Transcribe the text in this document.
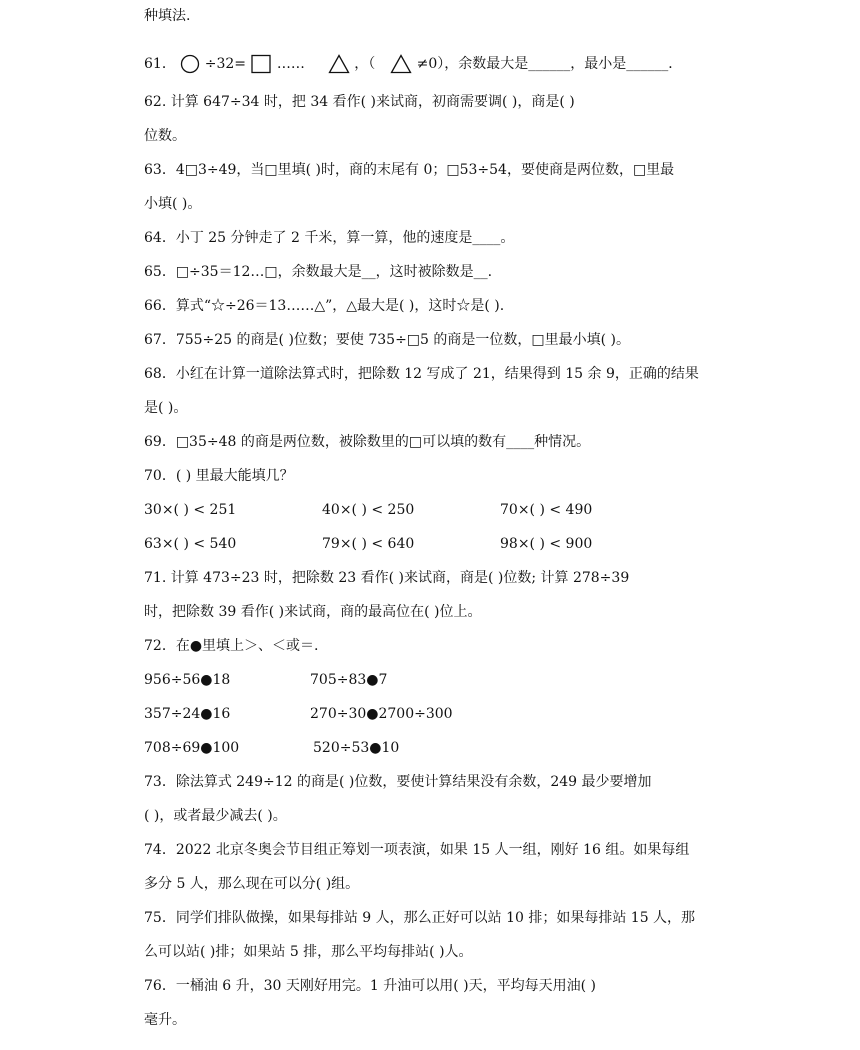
种填法.
61． ÷32= ……	，（	≠0），余数最大是______，最小是______．
62. 计算 647÷34 时，把 34 看作( )来试商，初商需要调( )，商是( )
位数。
63．4□3÷49，当□里填( )时，商的末尾有 0；□53÷54，要使商是两位数，□里最
小填( )。
64．小丁 25 分钟走了 2 千米，算一算，他的速度是____。
65．□÷35＝12…□，余数最大是__，这时被除数是__.
66．算式“☆÷26＝13……△”，△最大是( )，这时☆是( ).
67．755÷25 的商是( )位数；要使 735÷□5 的商是一位数，□里最小填( )。
68．小红在计算一道除法算式时，把除数 12 写成了 21，结果得到 15 余 9，正确的结果
是( )。
69．□35÷48 的商是两位数，被除数里的□可以填的数有____种情况。
70．( ) 里最大能填几？
30×( ) < 251	40×( ) < 250	70×( ) < 490
63×( ) < 540	79×( ) < 640	98×( ) < 900
71. 计算 473÷23 时，把除数 23 看作( )来试商，商是( )位数; 计算 278÷39
时，把除数 39 看作( )来试商，商的最高位在( )位上。
72．在●里填上＞、＜或＝.
956÷56●18	705÷83●7
357÷24●16	270÷30●2700÷300
708÷69●100	520÷53●10
73．除法算式 249÷12 的商是( )位数，要使计算结果没有余数，249 最少要增加
( )，或者最少减去( )。
74．2022 北京冬奥会节目组正筹划一项表演，如果 15 人一组，刚好 16 组。如果每组
多分 5 人，那么现在可以分( )组。
75．同学们排队做操，如果每排站 9 人，那么正好可以站 10 排；如果每排站 15 人，那
么可以站( )排；如果站 5 排，那么平均每排站( )人。
76．一桶油 6 升，30 天刚好用完。1 升油可以用( )天，平均每天用油( )
毫升。
